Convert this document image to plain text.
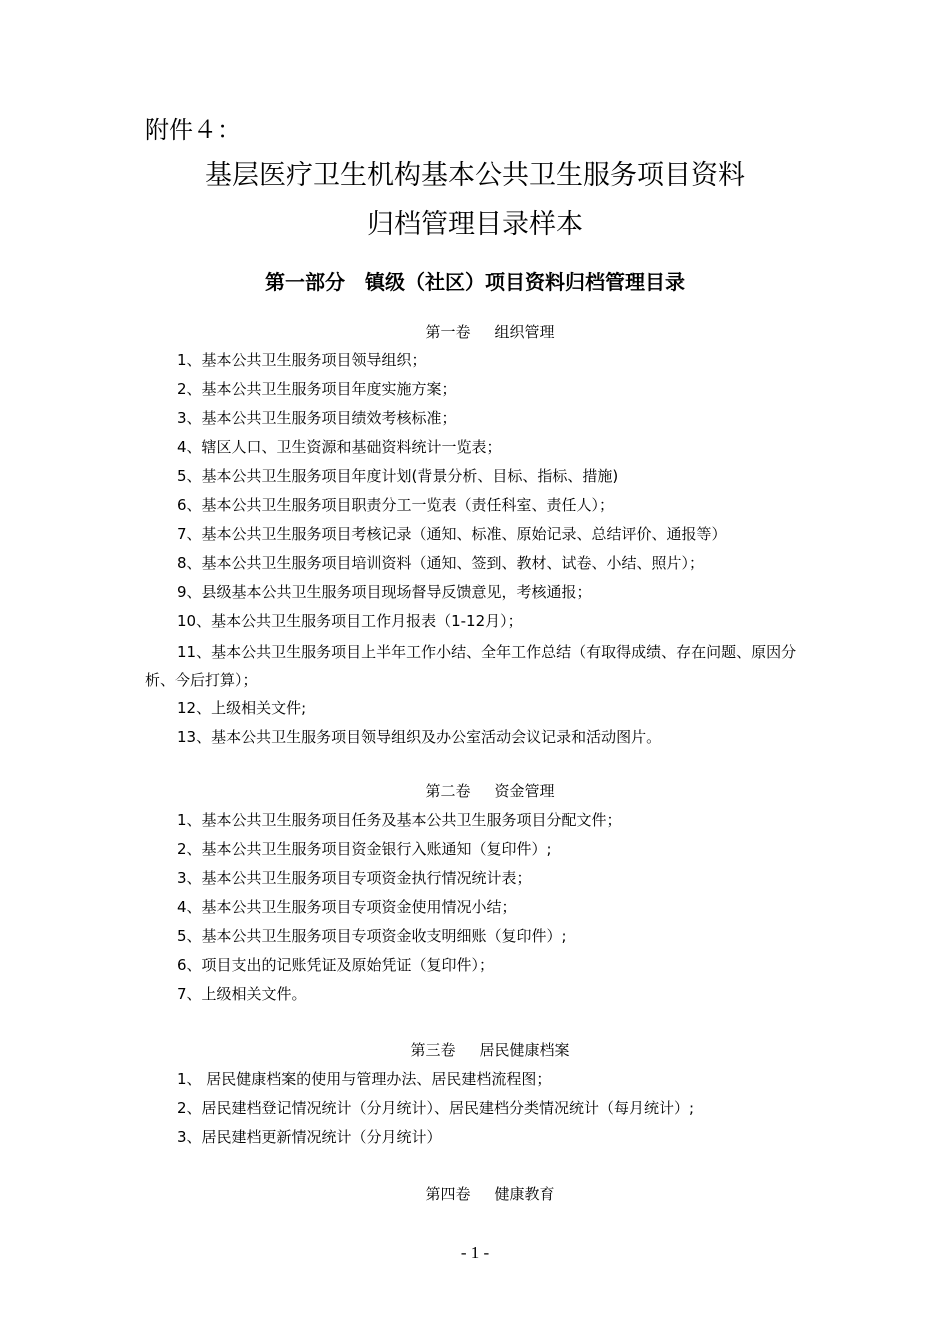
附件４：
基层医疗卫生机构基本公共卫生服务项目资料
归档管理目录样本
第一部分　镇级（社区）项目资料归档管理目录
第一卷 组织管理
1、基本公共卫生服务项目领导组织；
2、基本公共卫生服务项目年度实施方案；
3、基本公共卫生服务项目绩效考核标准；
4、辖区人口、卫生资源和基础资料统计一览表；
5、基本公共卫生服务项目年度计划(背景分析、目标、指标、措施)
6、基本公共卫生服务项目职责分工一览表（责任科室、责任人）；
7、基本公共卫生服务项目考核记录（通知、标准、原始记录、总结评价、通报等）
8、基本公共卫生服务项目培训资料（通知、签到、教材、试卷、小结、照片）；
9、县级基本公共卫生服务项目现场督导反馈意见，考核通报；
10、基本公共卫生服务项目工作月报表（1-12月）；
11、基本公共卫生服务项目上半年工作小结、全年工作总结（有取得成绩、存在问题、原因分析、今后打算）；
12、上级相关文件;
13、基本公共卫生服务项目领导组织及办公室活动会议记录和活动图片。
第二卷 资金管理
1、基本公共卫生服务项目任务及基本公共卫生服务项目分配文件；
2、基本公共卫生服务项目资金银行入账通知（复印件）;
3、基本公共卫生服务项目专项资金执行情况统计表；
4、基本公共卫生服务项目专项资金使用情况小结；
5、基本公共卫生服务项目专项资金收支明细账（复印件）;
6、项目支出的记账凭证及原始凭证（复印件）；
7、上级相关文件。
第三卷 居民健康档案
1、 居民健康档案的使用与管理办法、居民建档流程图；
2、居民建档登记情况统计（分月统计）、居民建档分类情况统计（每月统计）;
3、居民建档更新情况统计（分月统计）
第四卷 健康教育
- 1 -
